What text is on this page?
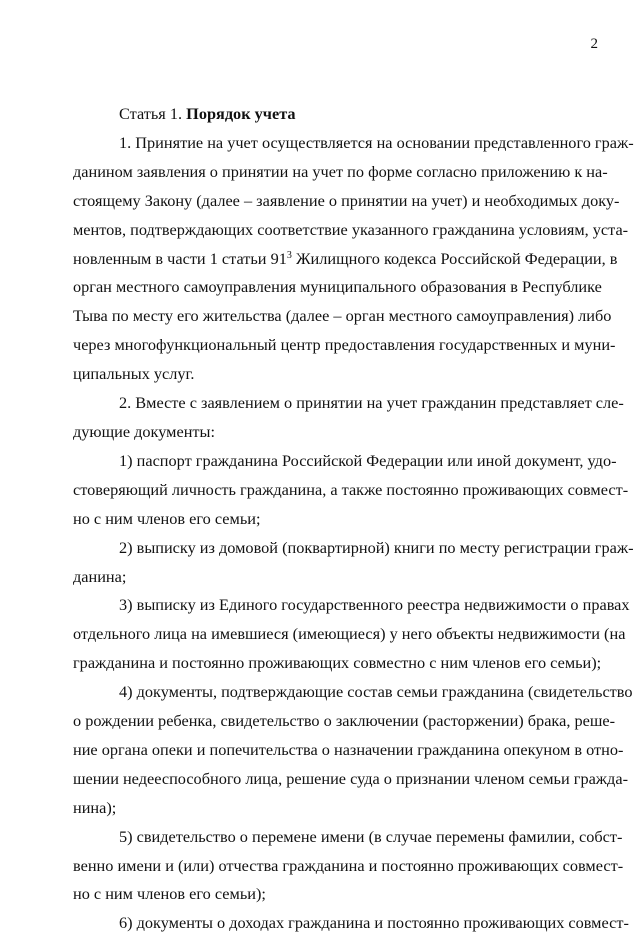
2

Статья 1. Порядок учета

1. Принятие на учет осуществляется на основании представленного граж-
данином заявления о принятии на учет по форме согласно приложению к на-
стоящему Закону (далее – заявление о принятии на учет) и необходимых доку-
ментов, подтверждающих соответствие указанного гражданина условиям, уста-
новленным в части 1 статьи $91^3$ Жилищного кодекса Российской Федерации, в
орган местного самоуправления муниципального образования в Республике
Тыва по месту его жительства (далее – орган местного самоуправления) либо
через многофункциональный центр предоставления государственных и муни-
ципальных услуг.
2. Вместе с заявлением о принятии на учет гражданин представляет сле-
дующие документы:
1) паспорт гражданина Российской Федерации или иной документ, удо-
стоверяющий личность гражданина, а также постоянно проживающих совмест-
но с ним членов его семьи;
2) выписку из домовой (поквартирной) книги по месту регистрации граж-
данина;
3) выписку из Единого государственного реестра недвижимости о правах
отдельного лица на имевшиеся (имеющиеся) у него объекты недвижимости (на
гражданина и постоянно проживающих совместно с ним членов его семьи);
4) документы, подтверждающие состав семьи гражданина (свидетельство
о рождении ребенка, свидетельство о заключении (расторжении) брака, реше-
ние органа опеки и попечительства о назначении гражданина опекуном в отно-
шении недееспособного лица, решение суда о признании членом семьи гражда-
нина);
5) свидетельство о перемене имени (в случае перемены фамилии, собст-
венно имени и (или) отчества гражданина и постоянно проживающих совмест-
но с ним членов его семьи);
6) документы о доходах гражданина и постоянно проживающих совмест-
